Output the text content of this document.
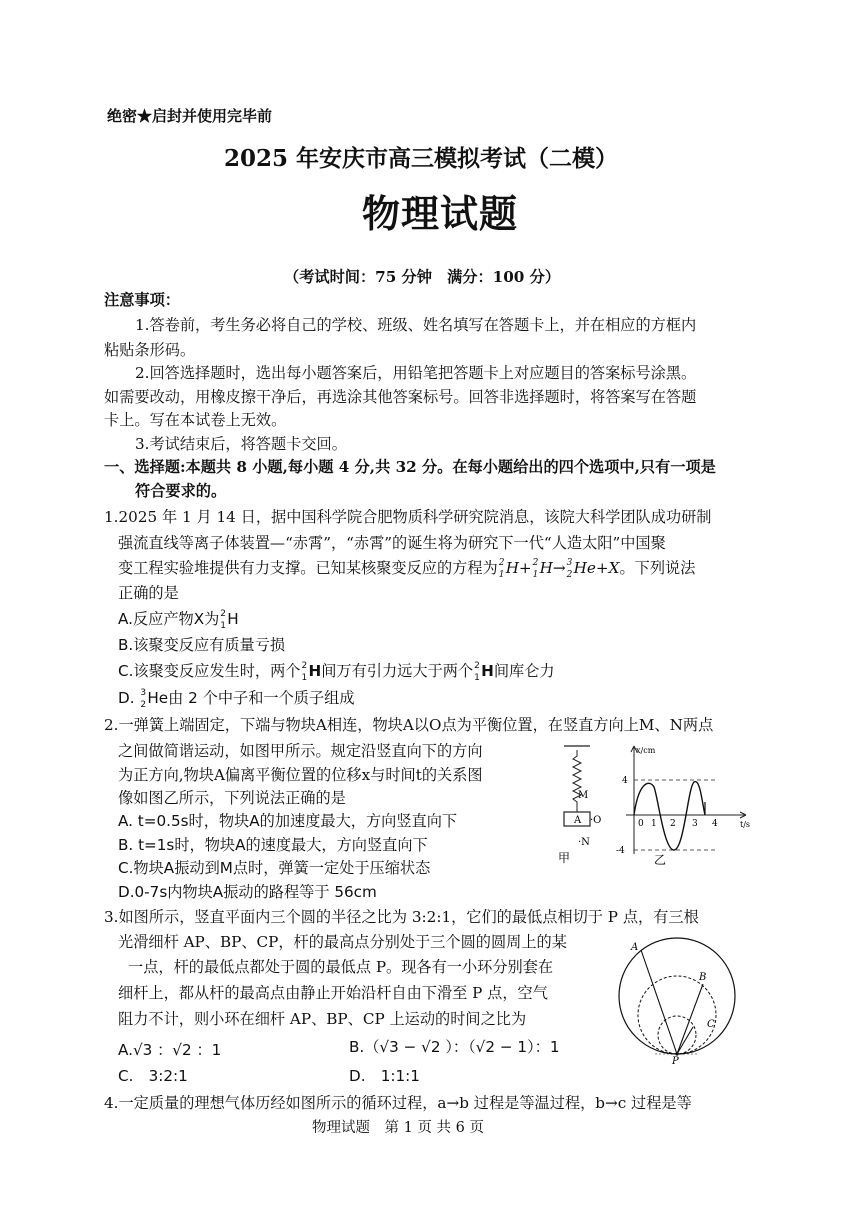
绝密★启封并使用完毕前
2025 年安庆市高三模拟考试（二模）
物理试题
（考试时间：75 分钟　满分：100 分）
注意事项：
1.答卷前，考生务必将自己的学校、班级、姓名填写在答题卡上，并在相应的方框内
粘贴条形码。
2.回答选择题时，选出每小题答案后，用铅笔把答题卡上对应题目的答案标号涂黑。
如需要改动，用橡皮擦干净后，再选涂其他答案标号。回答非选择题时，将答案写在答题
卡上。写在本试卷上无效。
3.考试结束后，将答题卡交回。
一、选择题:本题共 8 小题,每小题 4 分,共 32 分。在每小题给出的四个选项中,只有一项是
符合要求的。
1.2025 年 1 月 14 日，据中国科学院合肥物质科学研究院消息，该院大科学团队成功研制
强流直线等离子体装置—“赤霄”，“赤霄”的诞生将为研究下一代“人造太阳”中国聚
变工程实验堆提供有力支撑。已知某核聚变反应的方程为 2
1 H+ 2
1 H→ 3
2 He+X。下列说法
正确的是
A.反应产物X为 2
1 H
B.该聚变反应有质量亏损
C.该聚变反应发生时，两个 2
1 H间万有引力远大于两个 2
1 H间库仑力
D. 3
2 He由 2 个中子和一个质子组成
2.一弹簧上端固定，下端与物块A相连，物块A以O点为平衡位置，在竖直方向上M、N两点
之间做简谐运动，如图甲所示。规定沿竖直向下的方向
为正方向,物块A偏离平衡位置的位移x与时间t的关系图
像如图乙所示，下列说法正确的是
A. t=0.5s时，物块A的加速度最大，方向竖直向下
B. t=1s时，物块A的速度最大，方向竖直向下
C.物块A振动到M点时，弹簧一定处于压缩状态
D.0-7s内物块A振动的路程等于 56cm
A
M
·O
·N
甲
x/cm
t/s
4
-4
0 1 2 3 4
乙
3.如图所示，竖直平面内三个圆的半径之比为 3:2:1，它们的最低点相切于 P 点，有三根
光滑细杆 AP、BP、CP，杆的最高点分别处于三个圆的圆周上的某
一点，杆的最低点都处于圆的最低点 P。现各有一小环分别套在
细杆上，都从杆的最高点由静止开始沿杆自由下滑至 P 点，空气
阻力不计，则小环在细杆 AP、BP、CP 上运动的时间之比为
A.√3 ：√2 ：1	B.（√3 − √2 ）：（√2 − 1）：1
C.　3:2:1	D.　1:1:1
A
B
C
P
4.一定质量的理想气体历经如图所示的循环过程，a→b 过程是等温过程，b→c 过程是等
物理试题　第 1 页 共 6 页
